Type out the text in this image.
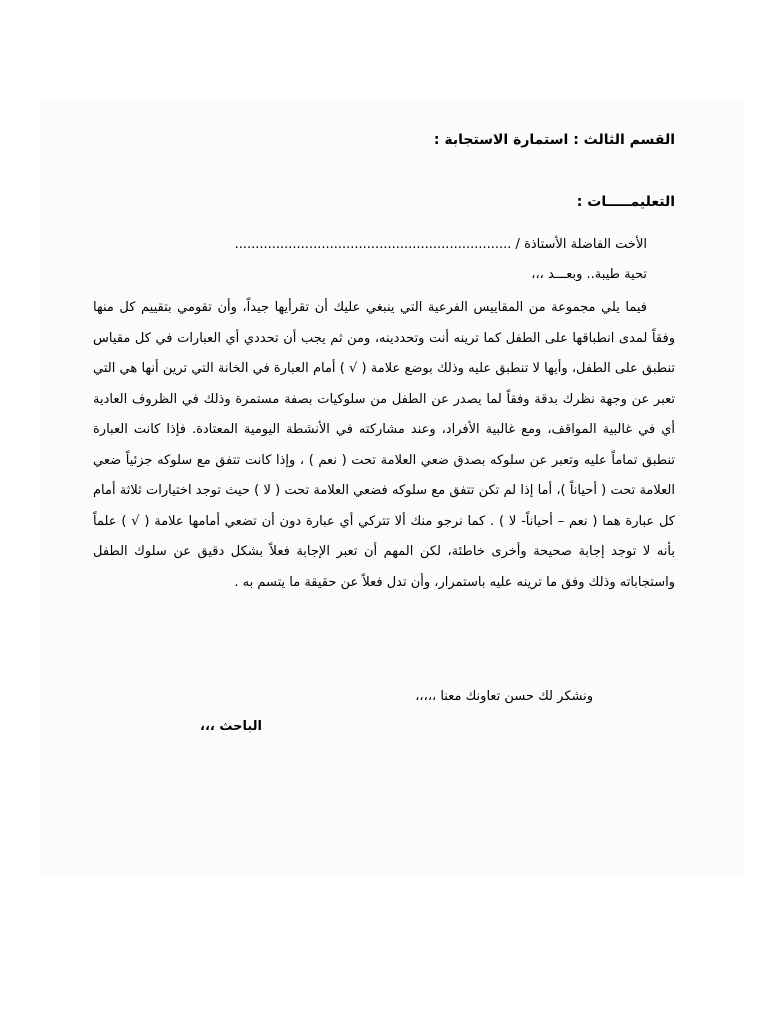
القسم الثالث : استمارة الاستجابة :
التعليمـــــات :
الأخت الفاضلة الأستاذة / ...................................................................
تحية طيبة.. وبعـــد ،،،

فيما يلي مجموعة من المقاييس الفرعية التي ينبغي عليك أن تقرأيها جيداً، وأن تقومي بتقييم كل منها وفقاً لمدى انطباقها على الطفل كما ترينه أنت وتحددينه، ومن ثم يجب أن تحددي أي العبارات في كل مقياس تنطبق على الطفل، وأيها لا تنطبق عليه وذلك بوضع علامة ( √ ) أمام العبارة في الخانة التي ترين أنها هي التي تعبر عن وجهة نظرك بدقة وفقاً لما يصدر عن الطفل من سلوكيات بصفة مستمرة وذلك في الظروف العادية أي في غالبية المواقف، ومع غالبية الأفراد، وعند مشاركته في الأنشطة اليومية المعتادة. فإذا كانت العبارة تنطبق تماماً عليه وتعبر عن سلوكه بصدق ضعي العلامة تحت ( نعم ) ، وإذا كانت تتفق مع سلوكه جزئياً ضعي العلامة تحت ( أحياناً )، أما إذا لم تكن تتفق مع سلوكه فضعي العلامة تحت ( لا ) حيث توجد اختيارات ثلاثة أمام كل عبارة هما ( نعم – أحياناً- لا ) . كما نرجو منك ألا تتركي أي عبارة دون أن تضعي أمامها علامة ( √ ) علماً بأنه لا توجد إجابة صحيحة وأخرى خاطئة، لكن المهم أن تعبر الإجابة فعلاً بشكل دقيق عن سلوك الطفل واستجاباته وذلك وفق ما ترينه عليه باستمرار، وأن تدل فعلاً عن حقيقة ما يتسم به .

ونشكر لك حسن تعاونك معنا ،،،،،
الباحث ،،،
